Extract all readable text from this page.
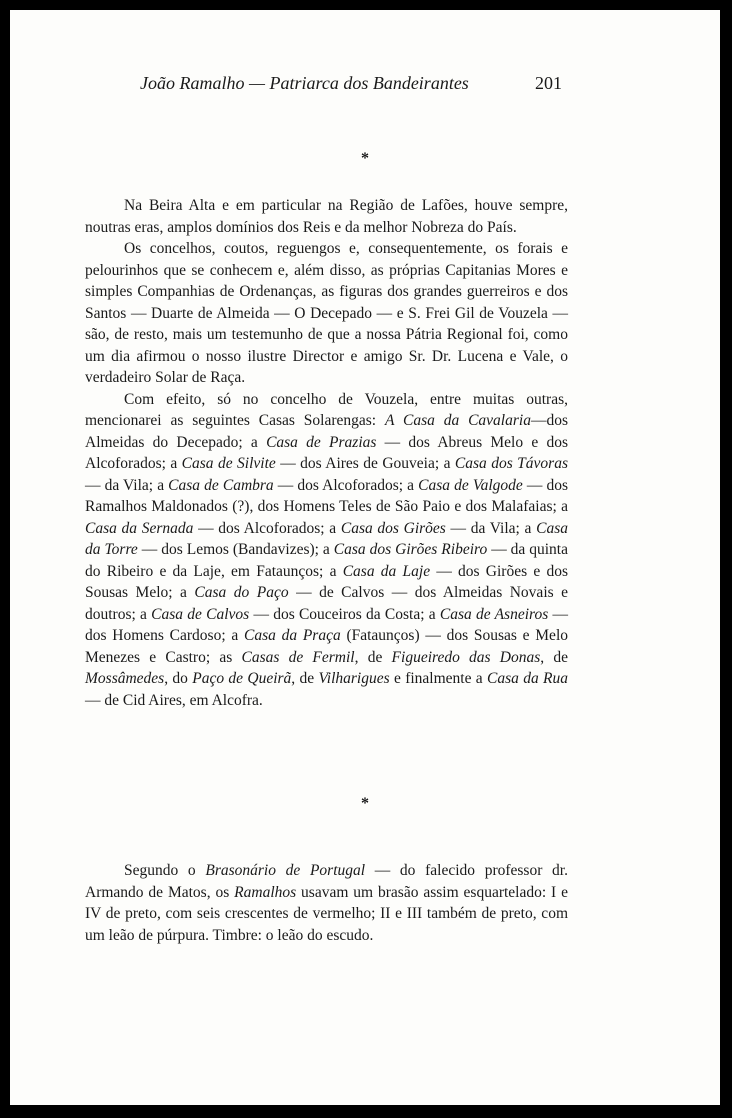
João Ramalho — Patriarca dos Bandeirantes	201
*

Na Beira Alta e em particular na Região de Lafões, houve sempre, noutras eras, amplos domínios dos Reis e da melhor Nobreza do País.

Os concelhos, coutos, reguengos e, consequentemente, os forais e pelourinhos que se conhecem e, além disso, as próprias Capitanias Mores e simples Companhias de Ordenanças, as figuras dos grandes guerreiros e dos Santos — Duarte de Almeida — O Decepado — e S. Frei Gil de Vouzela — são, de resto, mais um testemunho de que a nossa Pátria Regional foi, como um dia afirmou o nosso ilustre Director e amigo Sr. Dr. Lucena e Vale, o verdadeiro Solar de Raça.

Com efeito, só no concelho de Vouzela, entre muitas outras, mencionarei as seguintes Casas Solarengas: A Casa da Cavalaria—dos Almeidas do Decepado; a Casa de Prazias — dos Abreus Melo e dos Alcoforados; a Casa de Silvite — dos Aires de Gouveia; a Casa dos Távoras — da Vila; a Casa de Cambra — dos Alcoforados; a Casa de Valgode — dos Ramalhos Maldonados (?), dos Homens Teles de São Paio e dos Malafaias; a Casa da Sernada — dos Alcoforados; a Casa dos Girões — da Vila; a Casa da Torre — dos Lemos (Bandavizes); a Casa dos Girões Ribeiro — da quinta do Ribeiro e da Laje, em Fataunços; a Casa da Laje — dos Girões e dos Sousas Melo; a Casa do Paço — de Calvos — dos Almeidas Novais e doutros; a Casa de Calvos — dos Couceiros da Costa; a Casa de Asneiros — dos Homens Cardoso; a Casa da Praça (Fataunços) — dos Sousas e Melo Menezes e Castro; as Casas de Fermil, de Figueiredo das Donas, de Mossâmedes, do Paço de Queirã, de Vilharigues e finalmente a Casa da Rua — de Cid Aires, em Alcofra.

*

Segundo o Brasonário de Portugal — do falecido professor dr. Armando de Matos, os Ramalhos usavam um brasão assim esquartelado: I e IV de preto, com seis crescentes de vermelho; II e III também de preto, com um leão de púrpura. Timbre: o leão do escudo.
